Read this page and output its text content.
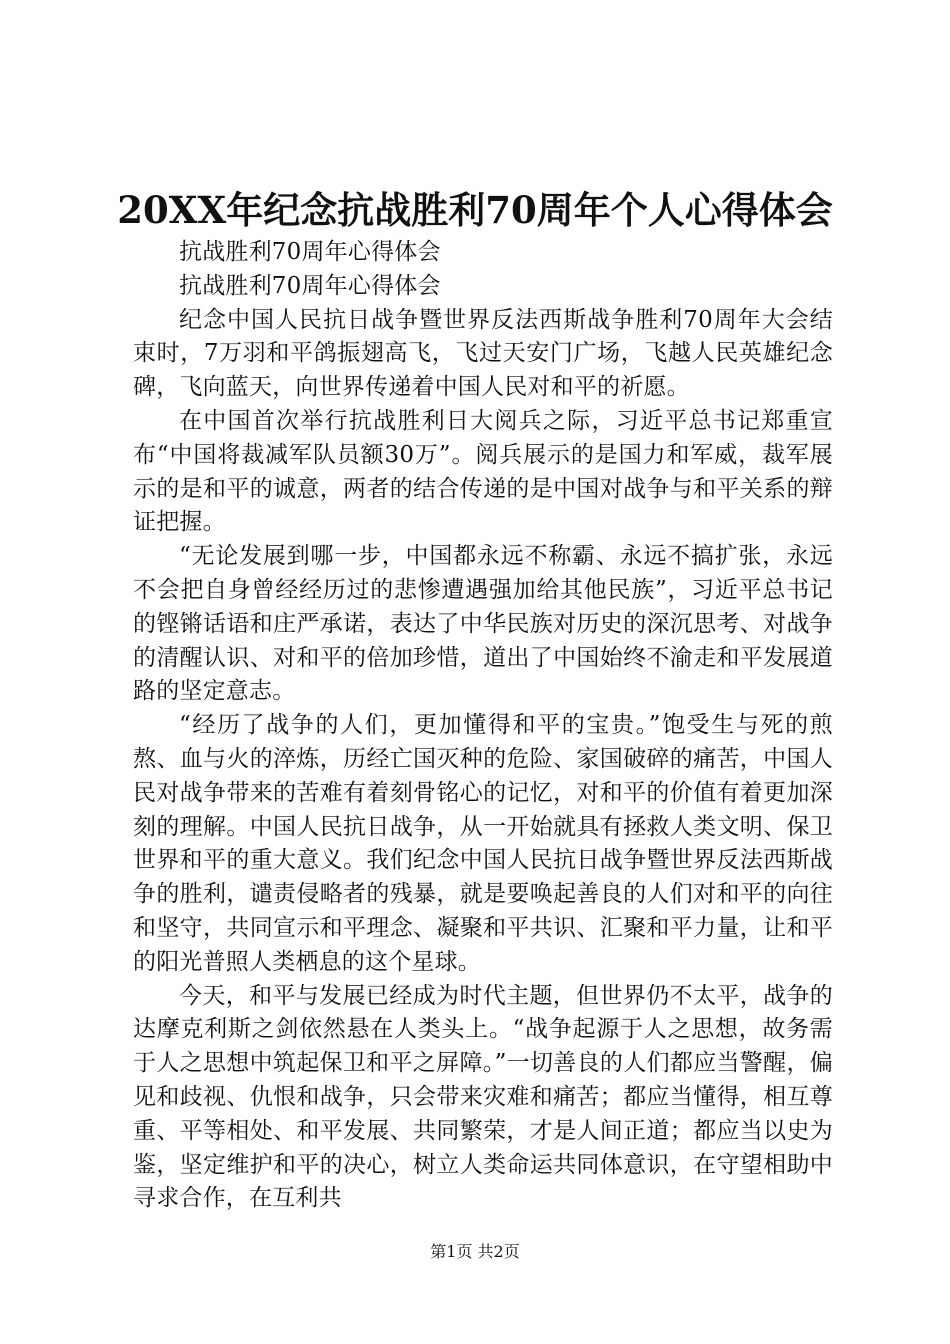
20XX年纪念抗战胜利70周年个人心得体会

抗战胜利70周年心得体会

抗战胜利70周年心得体会

纪念中国人民抗日战争暨世界反法西斯战争胜利70周年大会结束时，7万羽和平鸽振翅高飞，飞过天安门广场，飞越人民英雄纪念碑，飞向蓝天，向世界传递着中国人民对和平的祈愿。

在中国首次举行抗战胜利日大阅兵之际，习近平总书记郑重宣布“中国将裁减军队员额30万”。阅兵展示的是国力和军威，裁军展示的是和平的诚意，两者的结合传递的是中国对战争与和平关系的辩证把握。

“无论发展到哪一步，中国都永远不称霸、永远不搞扩张，永远不会把自身曾经经历过的悲惨遭遇强加给其他民族”，习近平总书记的铿锵话语和庄严承诺，表达了中华民族对历史的深沉思考、对战争的清醒认识、对和平的倍加珍惜，道出了中国始终不渝走和平发展道路的坚定意志。

“经历了战争的人们，更加懂得和平的宝贵。”饱受生与死的煎熬、血与火的淬炼，历经亡国灭种的危险、家国破碎的痛苦，中国人民对战争带来的苦难有着刻骨铭心的记忆，对和平的价值有着更加深刻的理解。中国人民抗日战争，从一开始就具有拯救人类文明、保卫世界和平的重大意义。我们纪念中国人民抗日战争暨世界反法西斯战争的胜利，谴责侵略者的残暴，就是要唤起善良的人们对和平的向往和坚守，共同宣示和平理念、凝聚和平共识、汇聚和平力量，让和平的阳光普照人类栖息的这个星球。

今天，和平与发展已经成为时代主题，但世界仍不太平，战争的达摩克利斯之剑依然悬在人类头上。“战争起源于人之思想，故务需于人之思想中筑起保卫和平之屏障。”一切善良的人们都应当警醒，偏见和歧视、仇恨和战争，只会带来灾难和痛苦；都应当懂得，相互尊重、平等相处、和平发展、共同繁荣，才是人间正道；都应当以史为鉴，坚定维护和平的决心，树立人类命运共同体意识，在守望相助中寻求合作，在互利共

第1页 共2页
